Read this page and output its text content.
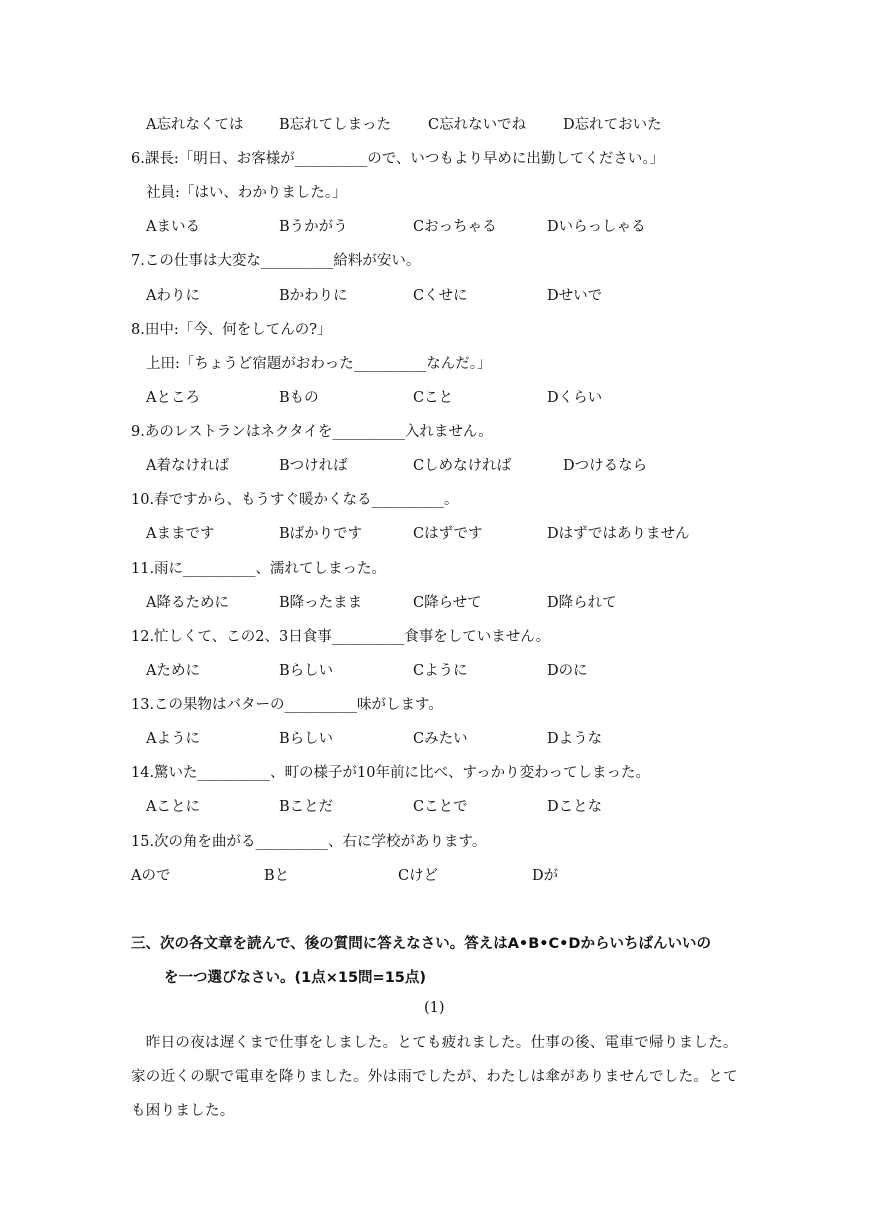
A忘れなくては B忘れてしまった	C忘れないでね	D忘れておいた
6.課長:「明日、お客様が__________ので、いつもより早めに出勤してください。」
社員:「はい、わかりました。」
Aまいる	Bうかがう	Cおっちゃる	Dいらっしゃる
7.この仕事は大変な__________給料が安い。
Aわりに	Bかわりに	Cくせに	Dせいで
8.田中:「今、何をしてんの?」
上田:「ちょうど宿題がおわった__________なんだ。」
Aところ	Bもの	Cこと	Dくらい
9.あのレストランはネクタイを__________入れません。
A着なければ	Bつければ	Cしめなければ	Dつけるなら
10.春ですから、もうすぐ暖かくなる__________。
Aままです	Bばかりです	Cはずです	Dはずではありません
11.雨に__________、濡れてしまった。
A降るために	B降ったまま	C降らせて	D降られて
12.忙しくて、この2、3日食事__________食事をしていません。
Aために	Bらしい	Cように	Dのに
13.この果物はバターの__________味がします。
Aように	Bらしい	Cみたい	Dような
14.驚いた__________、町の様子が10年前に比べ、すっかり変わってしまった。
Aことに	Bことだ	Cことで	Dことな
15.次の角を曲がる__________、右に学校があります。
Aので	Bと	Cけど	Dが
三、次の各文章を読んで、後の質問に答えなさい。答えはA•B•C•Dからいちばんいいの
を一つ選びなさい。(1点×15問=15点)
(1)
　昨日の夜は遅くまで仕事をしました。とても疲れました。仕事の後、電車で帰りました。家の近くの駅で電車を降りました。外は雨でしたが、わたしは傘がありませんでした。とても困りました。
